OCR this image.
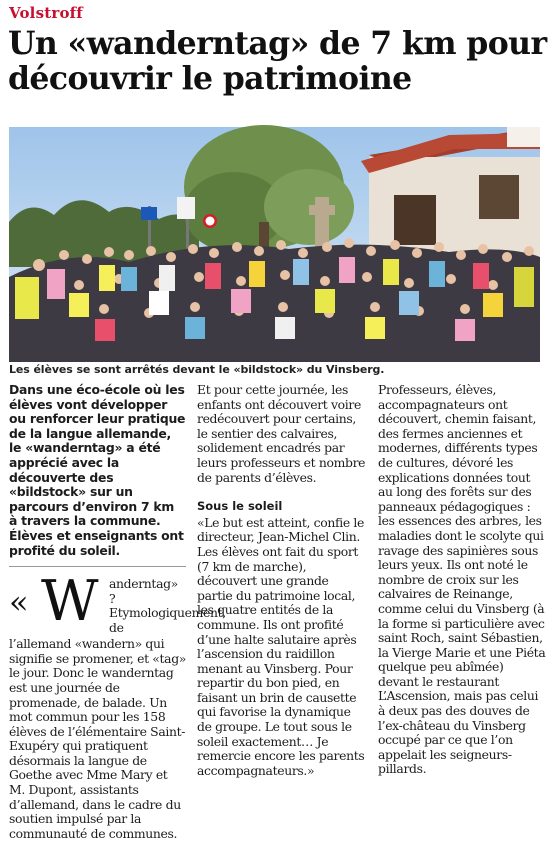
Volstroff
Un «wanderntag» de 7 km pour découvrir le patrimoine
Les élèves se sont arrêtés devant le «bildstock» du Vinsberg.

Dans une éco-école où les élèves vont développer ou renforcer leur pratique de la langue allemande, le «wanderntag» a été apprécié avec la découverte des «bildstock» sur un parcours d’environ 7 km à travers la commune. Élèves et enseignants ont profité du soleil.

« W anderntag» ? Etymologiquement, de

l’allemand «wandern» qui signifie se promener, et «tag» le jour. Donc le wanderntag est une journée de promenade, de balade. Un mot commun pour les 158 élèves de l’élémentaire Saint-Exupéry qui pratiquent désormais la langue de Goethe avec Mme Mary et M. Dupont, assistants d’allemand, dans le cadre du soutien impulsé par la communauté de communes.

Et pour cette journée, les enfants ont découvert voire redécouvert pour certains, le sentier des calvaires, solidement encadrés par leurs professeurs et nombre de parents d’élèves.

Sous le soleil

«Le but est atteint, confie le directeur, Jean-Michel Clin. Les élèves ont fait du sport (7 km de marche), découvert une grande partie du patrimoine local, les quatre entités de la commune. Ils ont profité d’une halte salutaire après l’ascension du raidillon menant au Vinsberg. Pour repartir du bon pied, en faisant un brin de causette qui favorise la dynamique de groupe. Le tout sous le soleil exactement… Je remercie encore les parents accompagnateurs.»

Professeurs, élèves, accompagnateurs ont découvert, chemin faisant, des fermes anciennes et modernes, différents types de cultures, dévoré les explications données tout au long des forêts sur des panneaux pédagogiques : les essences des arbres, les maladies dont le scolyte qui ravage des sapinières sous leurs yeux. Ils ont noté le nombre de croix sur les calvaires de Reinange, comme celui du Vinsberg (à la forme si particulière avec saint Roch, saint Sébastien, la Vierge Marie et une Piéta quelque peu abîmée) devant le restaurant L’Ascension, mais pas celui à deux pas des douves de l’ex-château du Vinsberg occupé par ce que l’on appelait les seigneurs-pillards.
